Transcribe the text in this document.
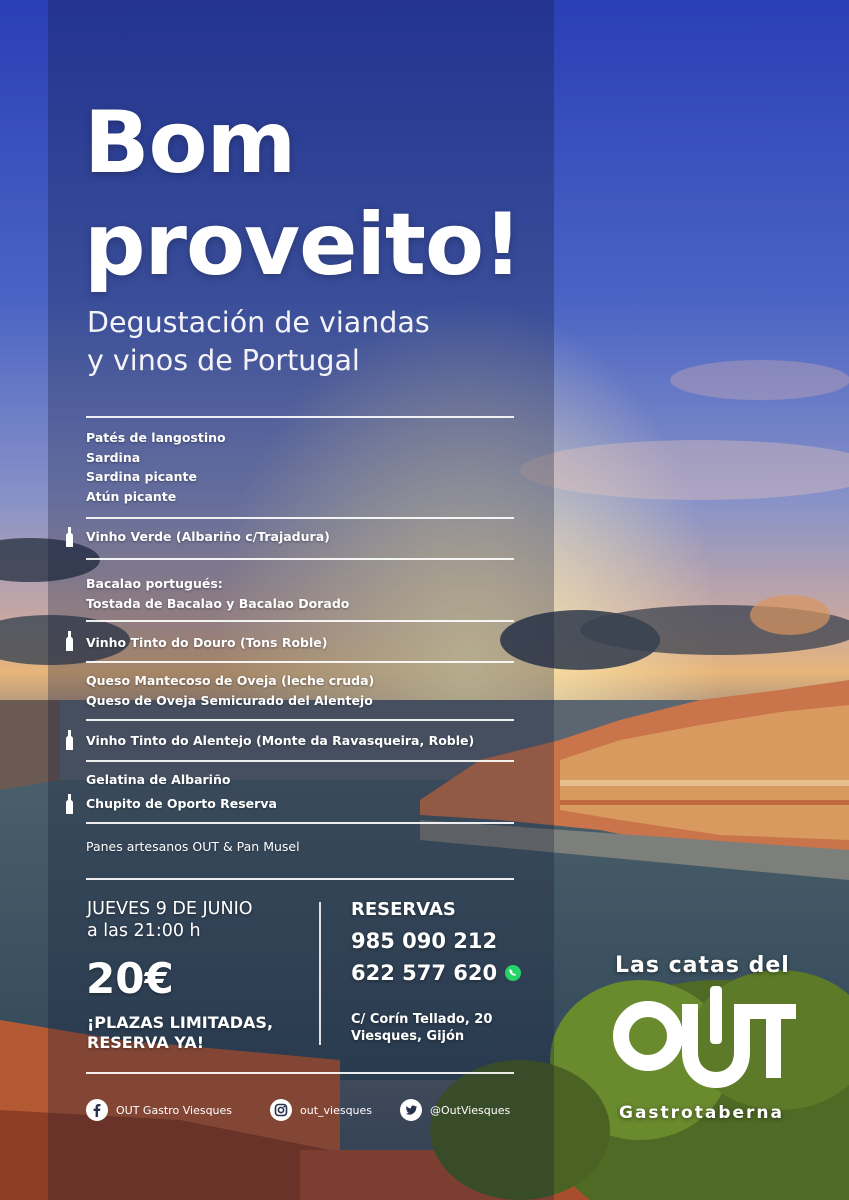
Bom
proveito!
Degustación de viandas
y vinos de Portugal
Patés de langostino
Sardina
Sardina picante
Atún picante
Vinho Verde (Albariño c/Trajadura)
Bacalao portugués:
Tostada de Bacalao y Bacalao Dorado
Vinho Tinto do Douro (Tons Roble)
Queso Mantecoso de Oveja (leche cruda)
Queso de Oveja Semicurado del Alentejo
Vinho Tinto do Alentejo (Monte da Ravasqueira, Roble)
Gelatina de Albariño
Chupito de Oporto Reserva
Panes artesanos OUT & Pan Musel
JUEVES 9 DE JUNIO
a las 21:00 h
20€
¡PLAZAS LIMITADAS,
RESERVA YA!
RESERVAS
985 090 212
622 577 620
C/ Corín Tellado, 20
Viesques, Gijón
OUT Gastro Viesques	out_viesques	@OutViesques
Las catas del
Gastrotaberna
